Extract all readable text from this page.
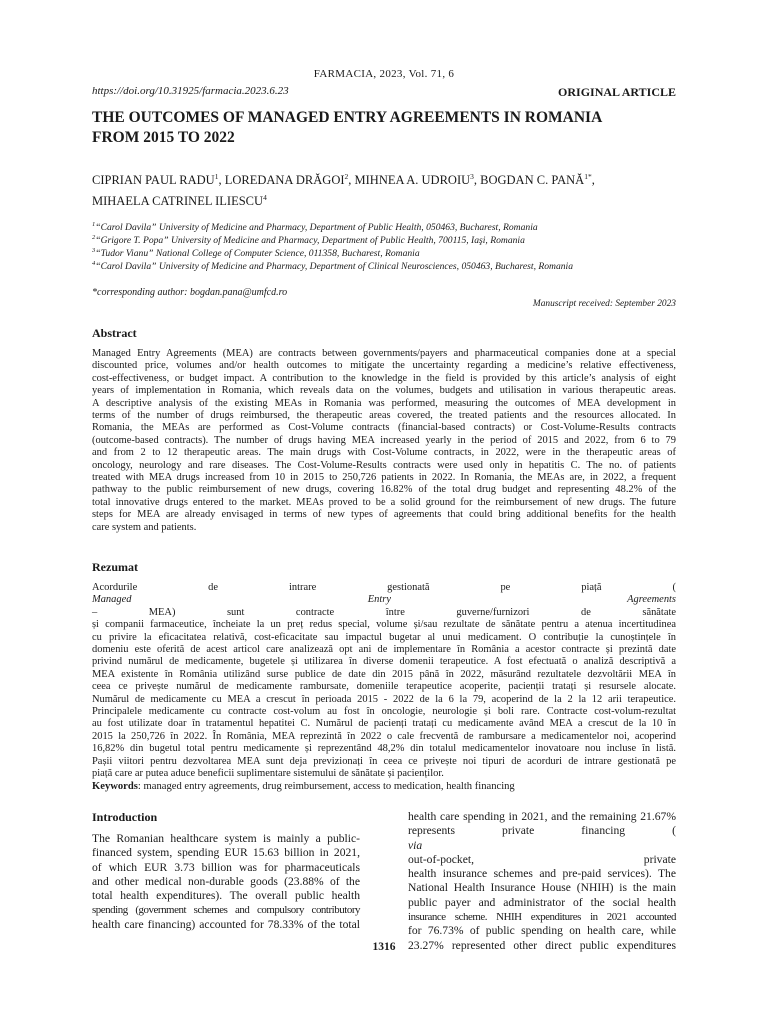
FARMACIA, 2023, Vol. 71, 6
https://doi.org/10.31925/farmacia.2023.6.23	ORIGINAL ARTICLE
THE OUTCOMES OF MANAGED ENTRY AGREEMENTS IN ROMANIA FROM 2015 TO 2022
CIPRIAN PAUL RADU$^1$, LOREDANA DRĂGOI$^2$, MIHNEA A. UDROIU$^3$, BOGDAN C. $PANĂ^{1*}$,
MIHAELA CATRINEL ILIESCU$^4$
$^1$“Carol Davila” University of Medicine and Pharmacy, Department of Public Health, 050463, Bucharest, Romania
$^2$“Grigore T. Popa” University of Medicine and Pharmacy, Department of Public Health, 700115, Iaşi, Romania
$^3$“Tudor Vianu” National College of Computer Science, 011358, Bucharest, Romania
$^4$“Carol Davila” University of Medicine and Pharmacy, Department of Clinical Neurosciences, 050463, Bucharest, Romania
*corresponding author: bogdan.pana@umfcd.ro
Manuscript received: September 2023
Abstract
Managed Entry Agreements (MEA) are contracts between governments/payers and pharmaceutical companies done at a special
discounted price, volumes and/or health outcomes to mitigate the uncertainty regarding a medicine’s relative effectiveness,
cost-effectiveness, or budget impact. A contribution to the knowledge in the field is provided by this article’s analysis of eight
years of implementation in Romania, which reveals data on the volumes, budgets and utilisation in various therapeutic areas.
A descriptive analysis of the existing MEAs in Romania was performed, measuring the outcomes of MEA development in
terms of the number of drugs reimbursed, the therapeutic areas covered, the treated patients and the resources allocated. In
Romania, the MEAs are performed as Cost-Volume contracts (financial-based contracts) or Cost-Volume-Results contracts
(outcome-based contracts). The number of drugs having MEA increased yearly in the period of 2015 and 2022, from 6 to 79
and from 2 to 12 therapeutic areas. The main drugs with Cost-Volume contracts, in 2022, were in the therapeutic areas of
oncology, neurology and rare diseases. The Cost-Volume-Results contracts were used only in hepatitis C. The no. of patients
treated with MEA drugs increased from 10 in 2015 to 250,726 patients in 2022. In Romania, the MEAs are, in 2022, a frequent
pathway to the public reimbursement of new drugs, covering 16.82% of the total drug budget and representing 48.2% of the
total innovative drugs entered to the market. MEAs proved to be a solid ground for the reimbursement of new drugs. The future
steps for MEA are already envisaged in terms of new types of agreements that could bring additional benefits for the health
care system and patients.
Rezumat
Acordurile de intrare gestionată pe piață (
Managed Entry Agreements
– MEA) sunt contracte între guverne/furnizori de sănătate
și companii farmaceutice, încheiate la un preț redus special, volume și/sau rezultate de sănătate pentru a atenua incertitudinea
cu privire la eficacitatea relativă, cost-eficacitate sau impactul bugetar al unui medicament. O contribuție la cunoștințele în
domeniu este oferită de acest articol care analizează opt ani de implementare în România a acestor contracte și prezintă date
privind numărul de medicamente, bugetele și utilizarea în diverse domenii terapeutice. A fost efectuată o analiză descriptivă a
MEA existente în România utilizând surse publice de date din 2015 până în 2022, măsurând rezultatele dezvoltării MEA în
ceea ce privește numărul de medicamente rambursate, domeniile terapeutice acoperite, pacienții tratați și resursele alocate.
Numărul de medicamente cu MEA a crescut în perioada 2015 - 2022 de la 6 la 79, acoperind de la 2 la 12 arii terapeutice.
Principalele medicamente cu contracte cost-volum au fost în oncologie, neurologie și boli rare. Contracte cost-volum-rezultat
au fost utilizate doar în tratamentul hepatitei C. Numărul de pacienți tratați cu medicamente având MEA a crescut de la 10 în
2015 la 250,726 în 2022. În România, MEA reprezintă în 2022 o cale frecventă de rambursare a medicamentelor noi, acoperind
16,82% din bugetul total pentru medicamente și reprezentând 48,2% din totalul medicamentelor inovatoare nou incluse în listă.
Pașii viitori pentru dezvoltarea MEA sunt deja previzionați în ceea ce privește noi tipuri de acorduri de intrare gestionată pe
piață care ar putea aduce beneficii suplimentare sistemului de sănătate și pacienților.
Keywords: managed entry agreements, drug reimbursement, access to medication, health financing
Introduction
The Romanian healthcare system is mainly a public-
financed system, spending EUR 15.63 billion in 2021,
of which EUR 3.73 billion was for pharmaceuticals
and other medical non-durable goods (23.88% of the
total health expenditures). The overall public health
spending (government schemes and compulsory contributory
health care financing) accounted for 78.33% of the total
health care spending in 2021, and the remaining 21.67%
represents private financing (
via
out-of-pocket, private
health insurance schemes and pre-paid services). The
National Health Insurance House (NHIH) is the main
public payer and administrator of the social health
insurance scheme. NHIH expenditures in 2021 accounted
for 76.73% of public spending on health care, while
23.27% represented other direct public expenditures
1316
